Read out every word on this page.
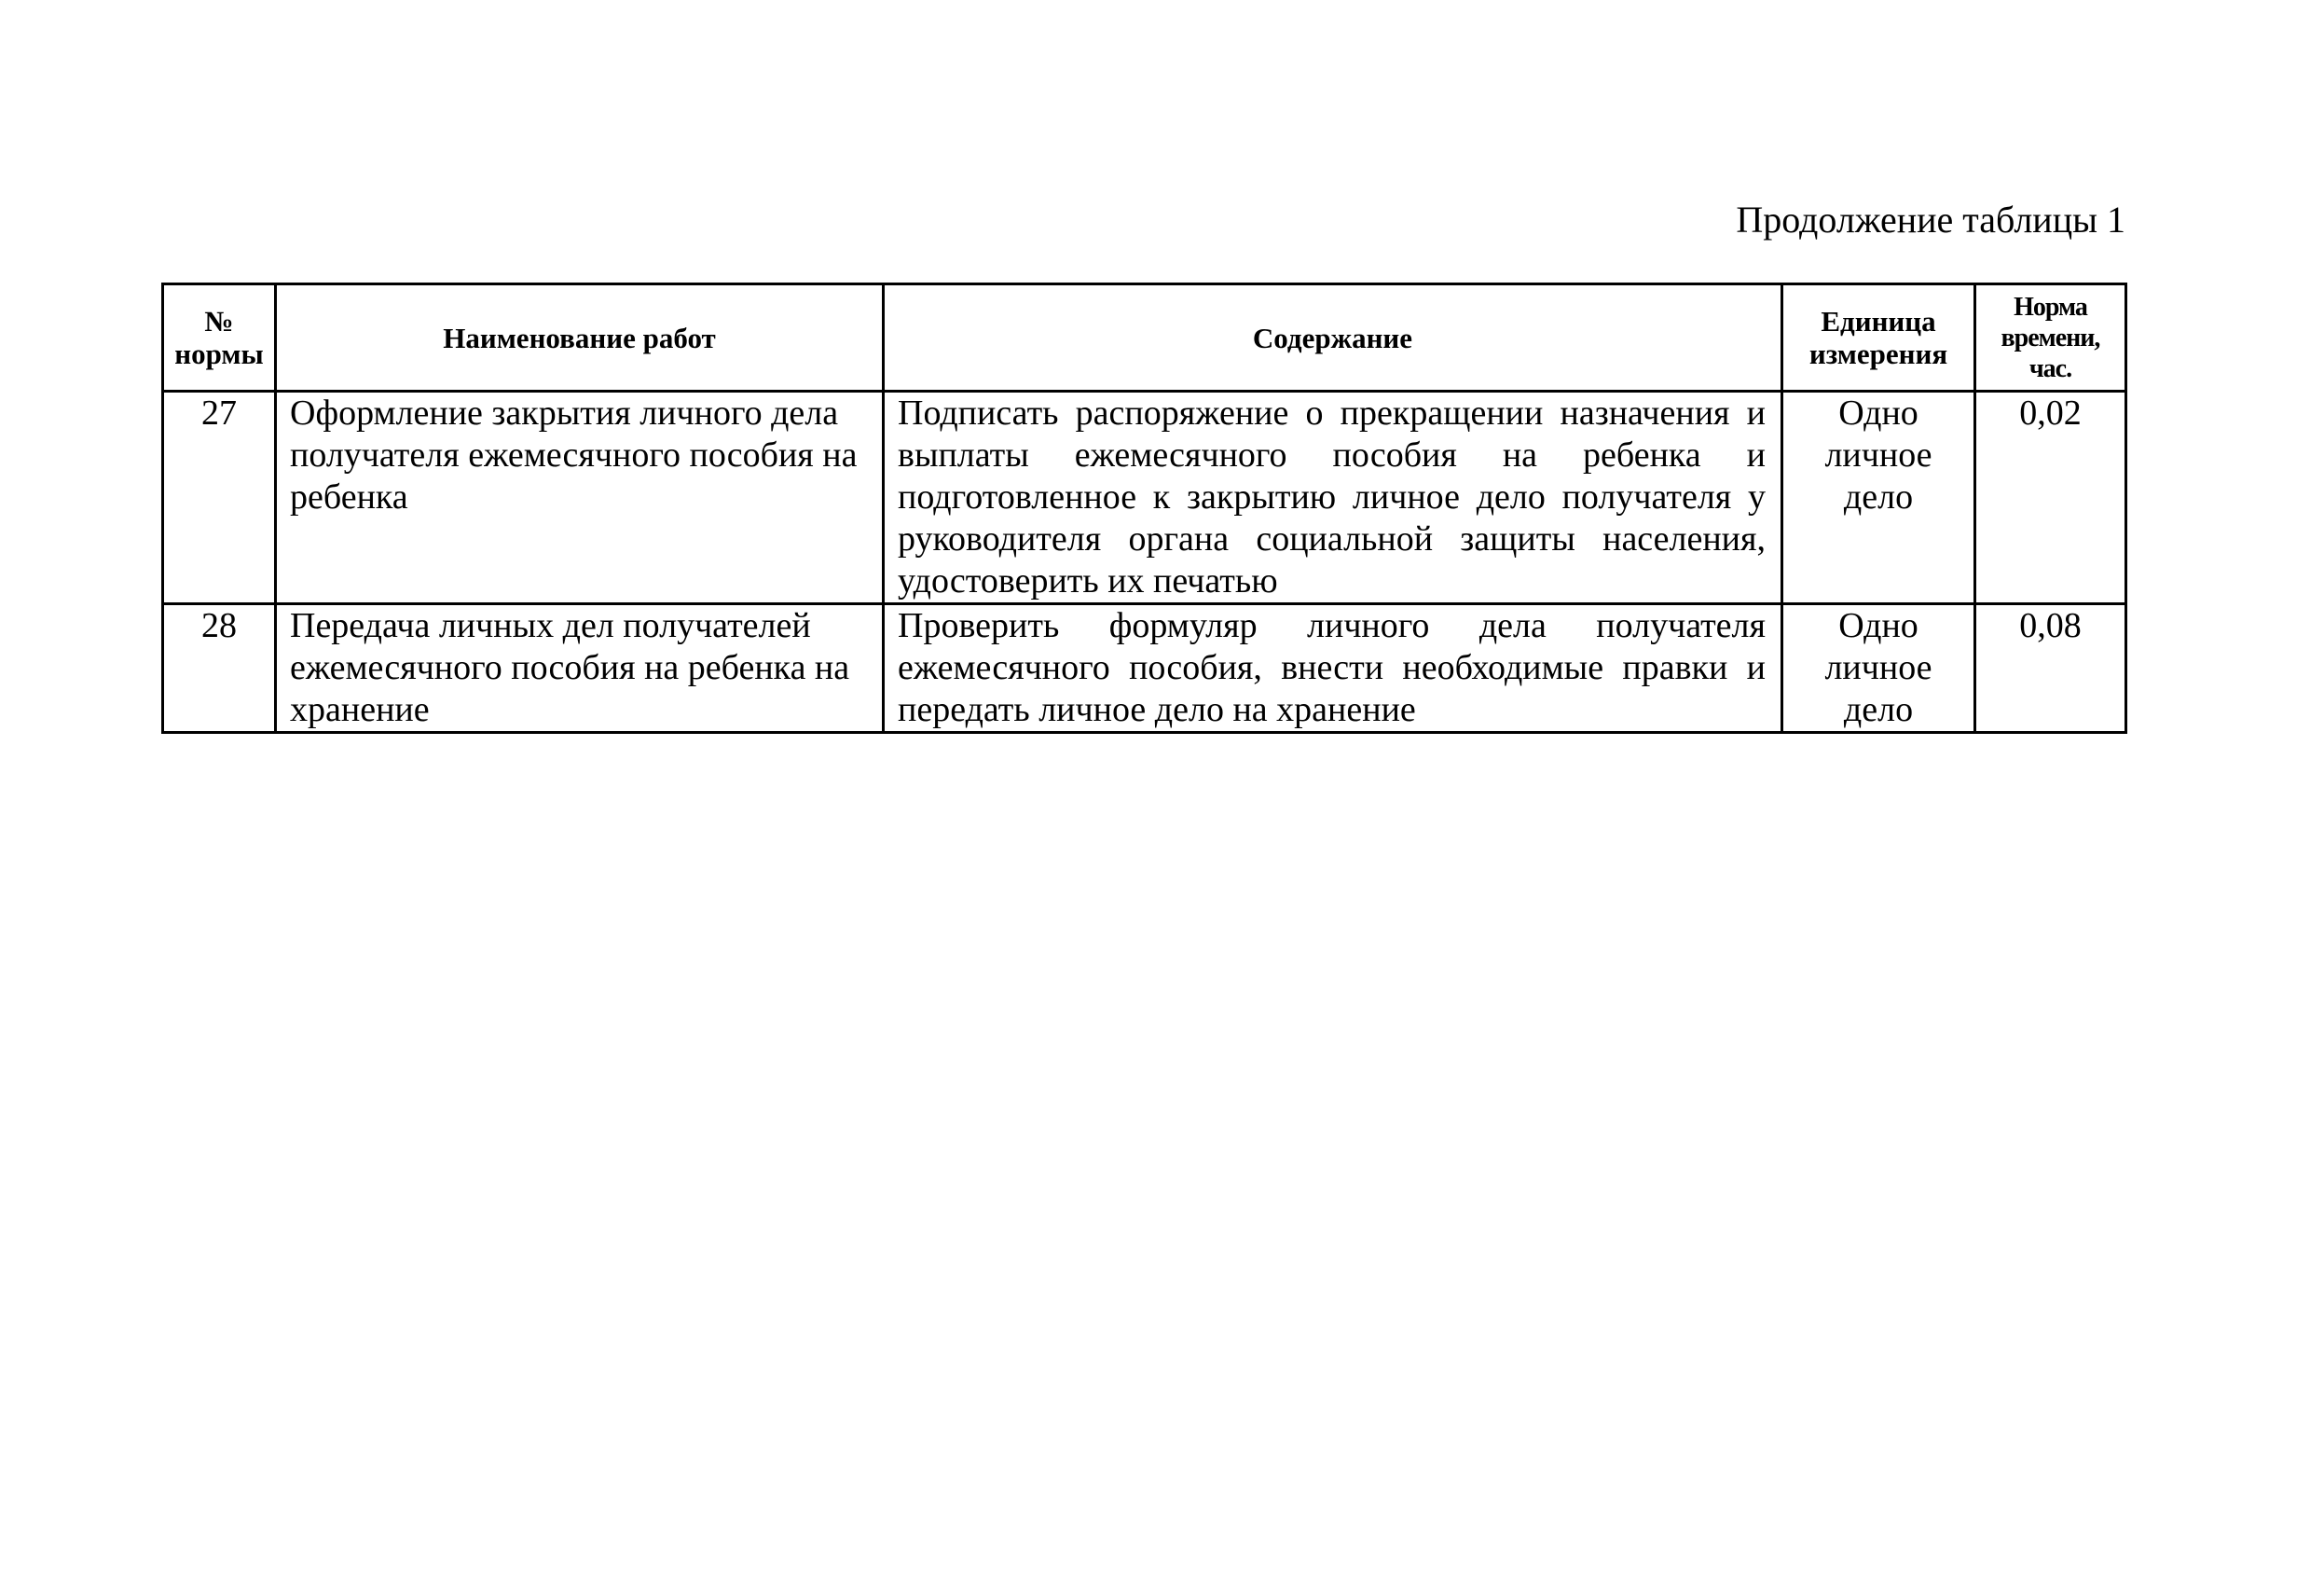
Продолжение таблицы 1
№ нормы	Наименование работ	Содержание	Единица измерения	Норма времени, час.

27	Оформление закрытия личного дела получателя ежемесячного пособия на ребенка	Подписать распоряжение о прекращении назначения и выплаты ежемесячного пособия на ребенка и подготовленное к закрытию личное дело получателя у руководителя органа социальной защиты населения, удостоверить их печатью	Одно личное дело	0,02

28	Передача личных дел получателей ежемесячного пособия на ребенка на хранение	Проверить формуляр личного дела получателя ежемесячного пособия, внести необходимые правки и передать личное дело на хранение	Одно личное дело	0,08
